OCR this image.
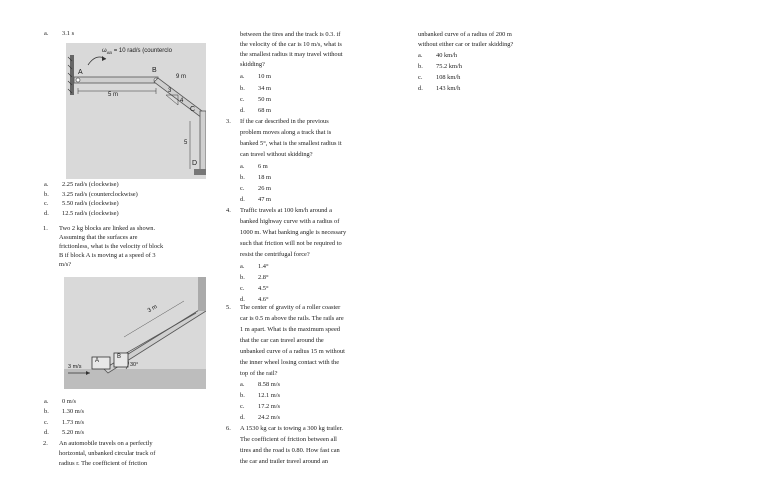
a. 3.1 s
$\omega_{AB} = 10$ rad/s (counterclo
A	B
C
D
5 m
3
4
9 m
5
a. 2.25 rad/s (clockwise)
b. 3.25 rad/s (counterclockwise)
c. 5.50 rad/s (clockwise)
d. 12.5 rad/s (clockwise)
1. Two 2 kg blocks are linked as shown.
Assuming that the surfaces are
frictionless, what is the velocity of block
B if block A is moving at a speed of 3
m/s?
3 m
A
B
3 m/s	30°
a. 0 m/s
b. 1.30 m/s
c. 1.73 m/s
d. 5.20 m/s
2. An automobile travels on a perfectly
horizontal, unbanked circular track of
radius r. The coefficient of friction
between the tires and the track is 0.3. if
the velocity of the car is 10 m/s, what is
the smallest radius it may travel without
skidding?
a. 10 m
b. 34 m
c. 50 m
d. 68 m
3. If the car described in the previous
problem moves along a track that is
banked 5°, what is the smallest radius it
can travel without skidding?
a. 6 m
b. 18 m
c. 26 m
d. 47 m
4. Traffic travels at 100 km/h around a
banked highway curve with a radius of
1000 m. What banking angle is necessary
such that friction will not be required to
resist the centrifugal force?
a. 1.4°
b. 2.8°
c. 4.5°
d. 4.6°
5. The center of gravity of a roller coaster
car is 0.5 m above the rails. The rails are
1 m apart. What is the maximum speed
that the car can travel around the
unbanked curve of a radius 15 m without
the inner wheel losing contact with the
top of the rail?
a. 8.58 m/s
b. 12.1 m/s
c. 17.2 m/s
d. 24.2 m/s
6. A 1530 kg car is towing a 300 kg trailer.
The coefficient of friction between all
tires and the road is 0.80. How fast can
the car and trailer travel around an
unbanked curve of a radius of 200 m
without either car or trailer skidding?
a. 40 km/h
b. 75.2 km/h
c. 108 km/h
d. 143 km/h
